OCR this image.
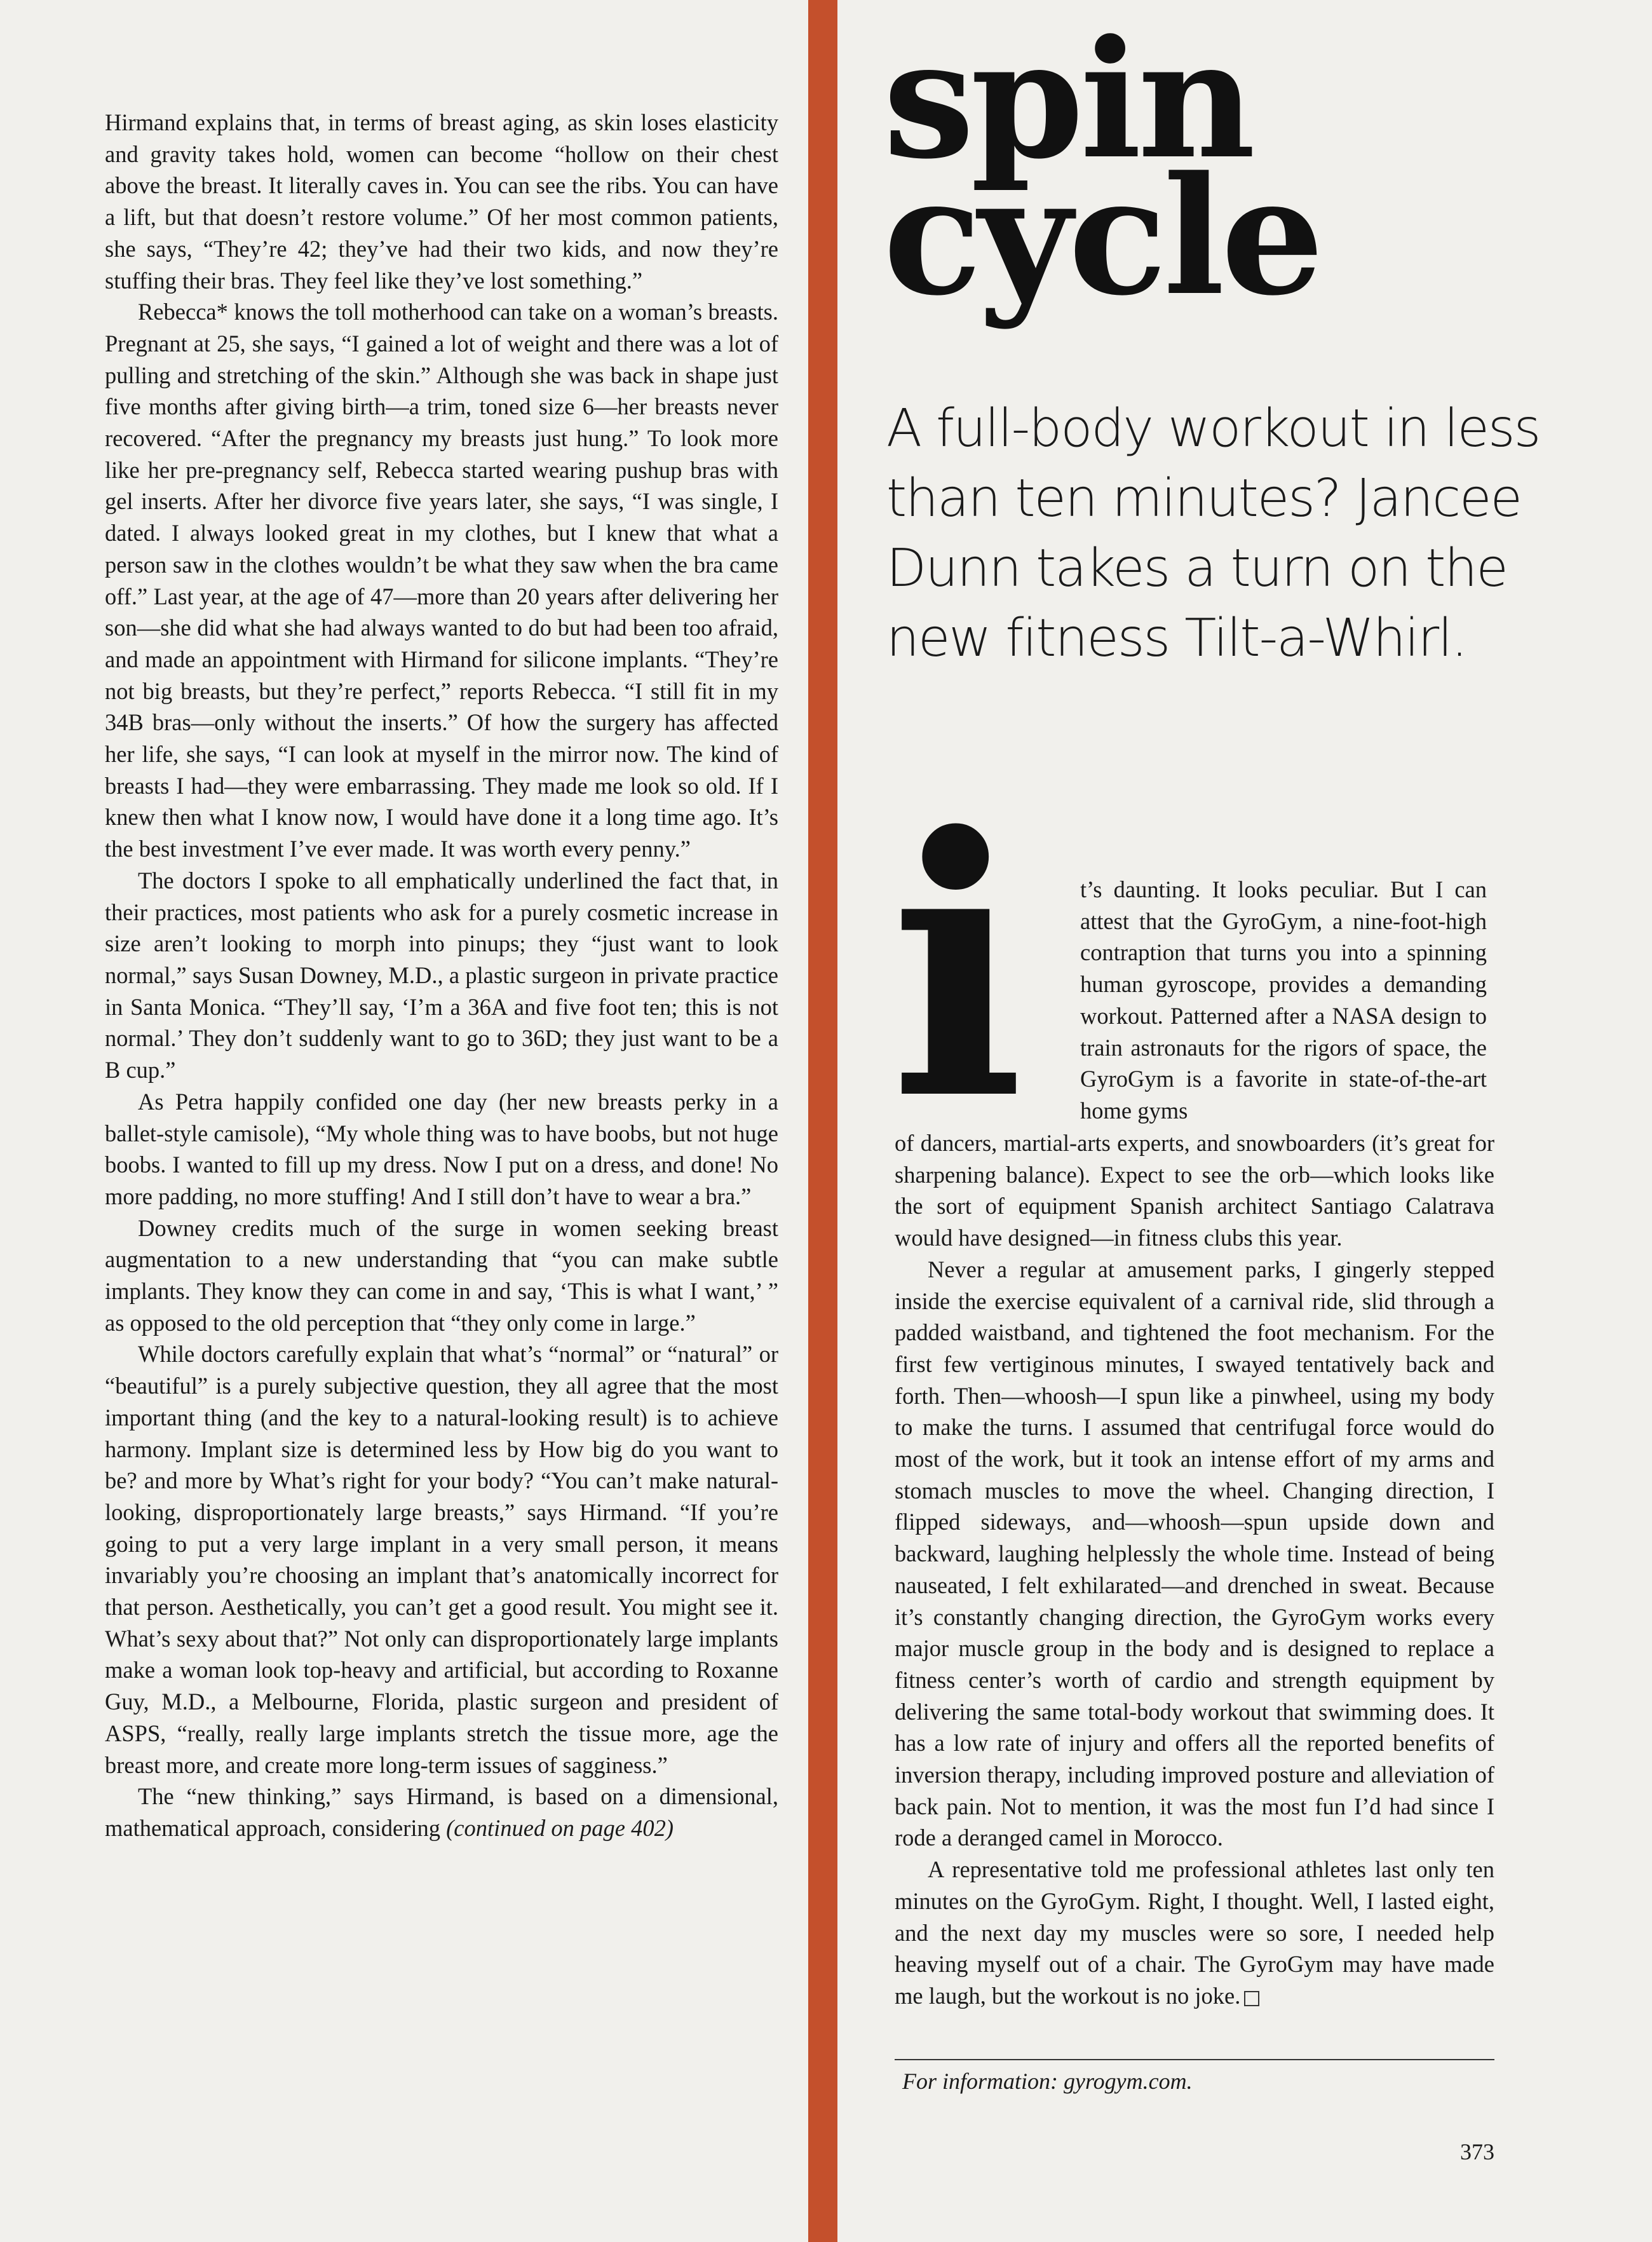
Hirmand explains that, in terms of breast aging, as skin loses elasticity and gravity takes hold, women can become “hollow on their chest above the breast. It literally caves in. You can see the ribs. You can have a lift, but that doesn’t restore volume.” Of her most common patients, she says, “They’re 42; they’ve had their two kids, and now they’re stuffing their bras. They feel like they’ve lost something.”

Rebecca* knows the toll motherhood can take on a woman’s breasts. Pregnant at 25, she says, “I gained a lot of weight and there was a lot of pulling and stretching of the skin.” Although she was back in shape just five months after giving birth—a trim, toned size 6—her breasts never recovered. “After the pregnancy my breasts just hung.” To look more like her pre-pregnancy self, Rebecca started wearing pushup bras with gel inserts. After her divorce five years later, she says, “I was single, I dated. I always looked great in my clothes, but I knew that what a person saw in the clothes wouldn’t be what they saw when the bra came off.” Last year, at the age of 47—more than 20 years after delivering her son—she did what she had always wanted to do but had been too afraid, and made an appointment with Hirmand for silicone implants. “They’re not big breasts, but they’re perfect,” reports Rebecca. “I still fit in my 34B bras—only without the inserts.” Of how the surgery has affected her life, she says, “I can look at myself in the mirror now. The kind of breasts I had—they were embarrassing. They made me look so old. If I knew then what I know now, I would have done it a long time ago. It’s the best investment I’ve ever made. It was worth every penny.”

The doctors I spoke to all emphatically underlined the fact that, in their practices, most patients who ask for a purely cosmetic increase in size aren’t looking to morph into pinups; they “just want to look normal,” says Susan Downey, M.D., a plastic surgeon in private practice in Santa Monica. “They’ll say, ‘I’m a 36A and five foot ten; this is not normal.’ They don’t suddenly want to go to 36D; they just want to be a B cup.”

As Petra happily confided one day (her new breasts perky in a ballet-style camisole), “My whole thing was to have boobs, but not huge boobs. I wanted to fill up my dress. Now I put on a dress, and done! No more padding, no more stuffing! And I still don’t have to wear a bra.”

Downey credits much of the surge in women seeking breast augmentation to a new understanding that “you can make subtle implants. They know they can come in and say, ‘This is what I want,’ ” as opposed to the old perception that “they only come in large.”

While doctors carefully explain that what’s “normal” or “natural” or “beautiful” is a purely subjective question, they all agree that the most important thing (and the key to a natural-looking result) is to achieve harmony. Implant size is determined less by How big do you want to be? and more by What’s right for your body? “You can’t make natural-looking, disproportionately large breasts,” says Hirmand. “If you’re going to put a very large implant in a very small person, it means invariably you’re choosing an implant that’s anatomically incorrect for that person. Aesthetically, you can’t get a good result. You might see it. What’s sexy about that?” Not only can disproportionately large implants make a woman look top-heavy and artificial, but according to Roxanne Guy, M.D., a Melbourne, Florida, plastic surgeon and president of ASPS, “really, really large implants stretch the tissue more, age the breast more, and create more long-term issues of sagginess.”

The “new thinking,” says Hirmand, is based on a dimensional, mathematical approach, considering (continued on page 402)

spin
cycle
A full-body workout in less than ten minutes? Jancee Dunn takes a turn on the new fitness Tilt-a-Whirl.
i t’s daunting. It looks peculiar. But I can attest that the GyroGym, a nine-foot-high contraption that turns you into a spinning human gyroscope, provides a demanding workout. Patterned after a NASA design to train astronauts for the rigors of space, the GyroGym is a favorite in state-of-the-art home gyms

of dancers, martial-arts experts, and snowboarders (it’s great for sharpening balance). Expect to see the orb—which looks like the sort of equipment Spanish architect Santiago Calatrava would have designed—in fitness clubs this year.

Never a regular at amusement parks, I gingerly stepped inside the exercise equivalent of a carnival ride, slid through a padded waistband, and tightened the foot mechanism. For the first few vertiginous minutes, I swayed tentatively back and forth. Then—whoosh—I spun like a pinwheel, using my body to make the turns. I assumed that centrifugal force would do most of the work, but it took an intense effort of my arms and stomach muscles to move the wheel. Changing direction, I flipped sideways, and—whoosh—spun upside down and backward, laughing helplessly the whole time. Instead of being nauseated, I felt exhilarated—and drenched in sweat. Because it’s constantly changing direction, the GyroGym works every major muscle group in the body and is designed to replace a fitness center’s worth of cardio and strength equipment by delivering the same total-body workout that swimming does. It has a low rate of injury and offers all the reported benefits of inversion therapy, including improved posture and alleviation of back pain. Not to mention, it was the most fun I’d had since I rode a deranged camel in Morocco.

A representative told me professional athletes last only ten minutes on the GyroGym. Right, I thought. Well, I lasted eight, and the next day my muscles were so sore, I needed help heaving myself out of a chair. The GyroGym may have made me laugh, but the workout is no joke.

For information: gyrogym.com.
373
